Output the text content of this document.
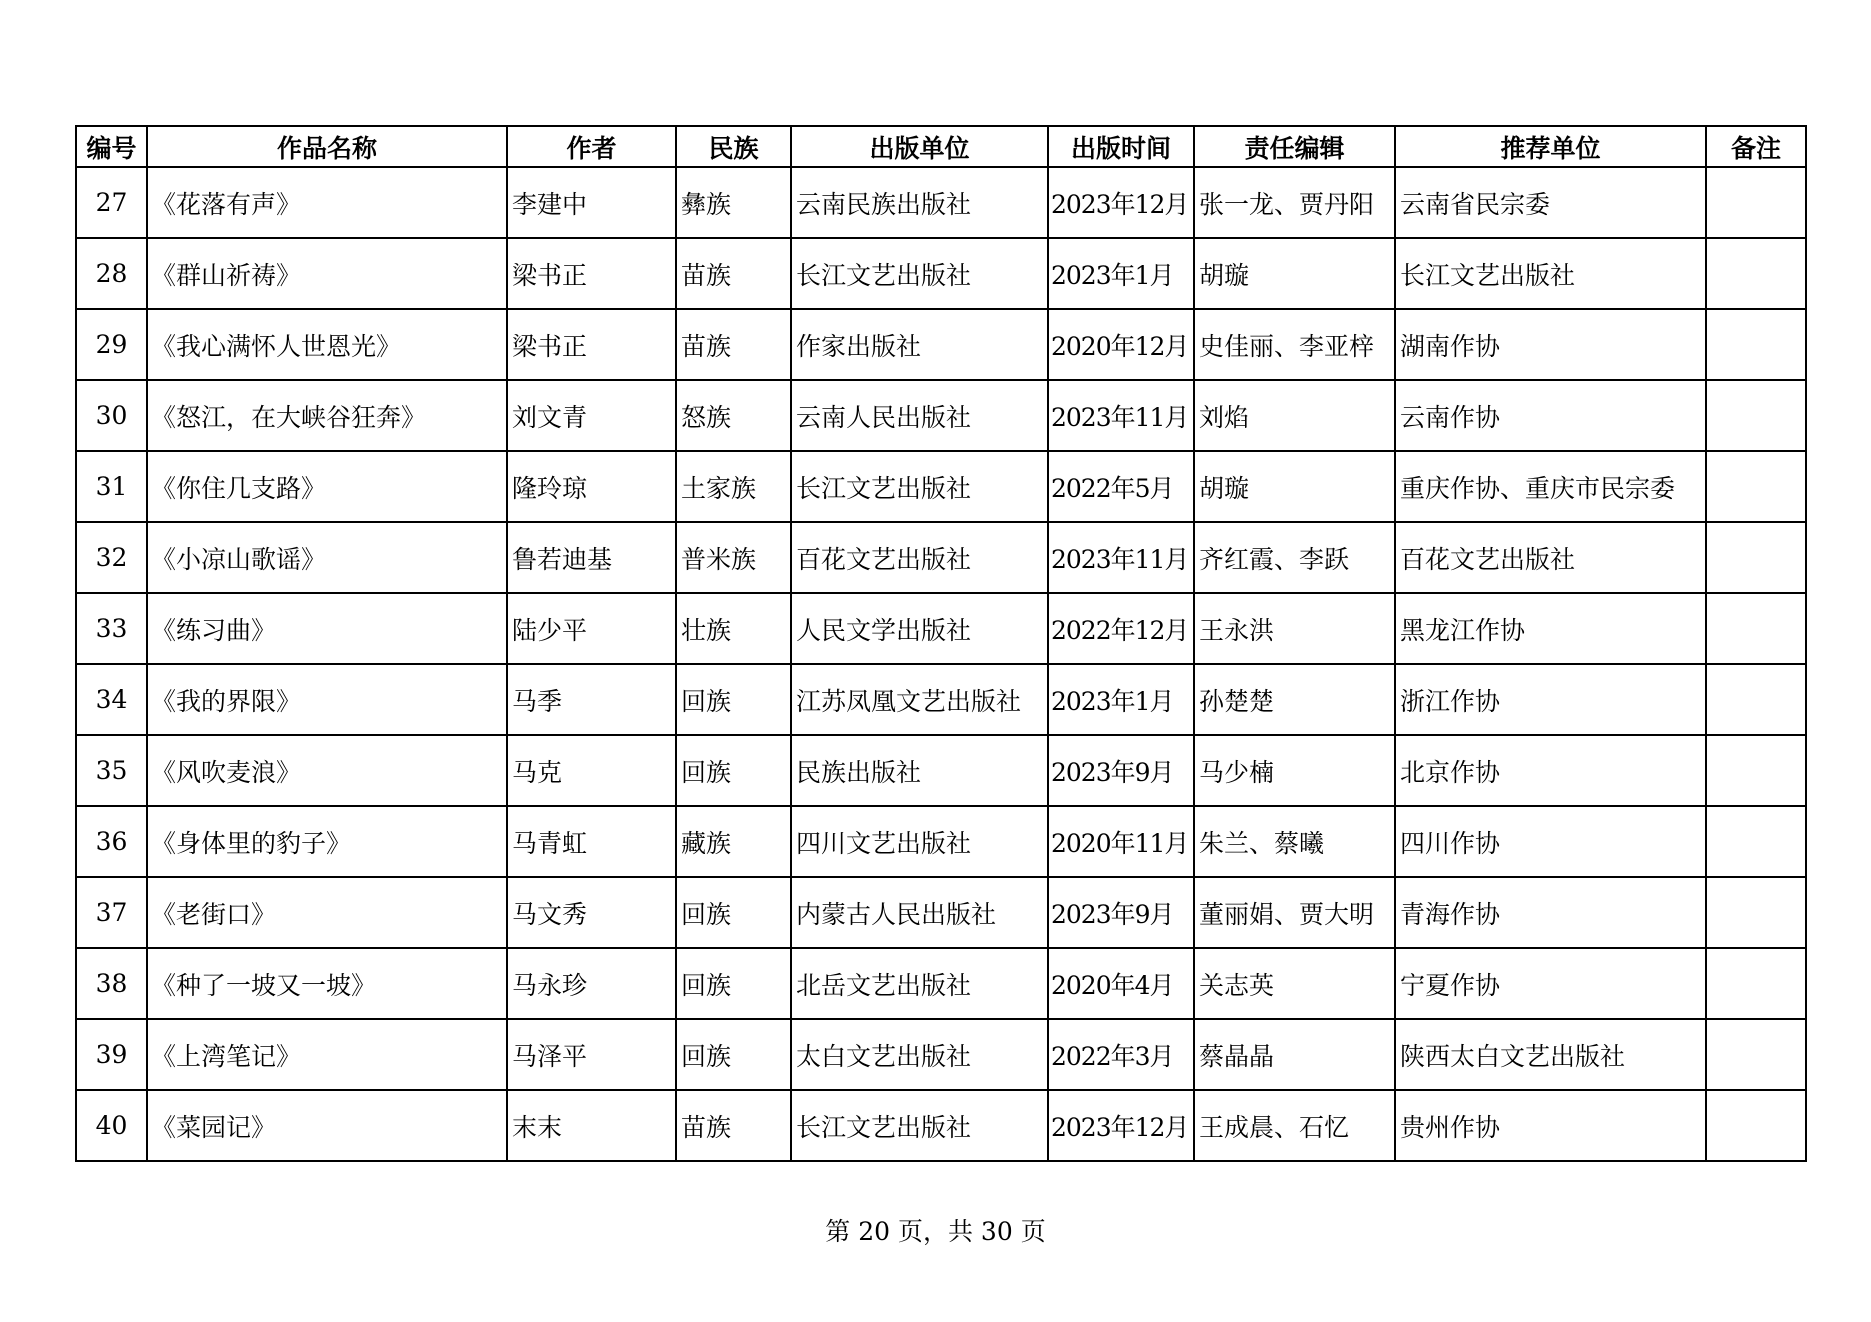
编号	作品名称	作者	民族	出版单位	出版时间	责任编辑	推荐单位	备注
27	《花落有声》	李建中	彝族	云南民族出版社	2023年12月	张一龙、贾丹阳	云南省民宗委	
28	《群山祈祷》	梁书正	苗族	长江文艺出版社	2023年1月	胡璇	长江文艺出版社	
29	《我心满怀人世恩光》	梁书正	苗族	作家出版社	2020年12月	史佳丽、李亚梓	湖南作协	
30	《怒江，在大峡谷狂奔》	刘文青	怒族	云南人民出版社	2023年11月	刘焰	云南作协	
31	《你住几支路》	隆玲琼	土家族	长江文艺出版社	2022年5月	胡璇	重庆作协、重庆市民宗委	
32	《小凉山歌谣》	鲁若迪基	普米族	百花文艺出版社	2023年11月	齐红霞、李跃	百花文艺出版社	
33	《练习曲》	陆少平	壮族	人民文学出版社	2022年12月	王永洪	黑龙江作协	
34	《我的界限》	马季	回族	江苏凤凰文艺出版社	2023年1月	孙楚楚	浙江作协	
35	《风吹麦浪》	马克	回族	民族出版社	2023年9月	马少楠	北京作协	
36	《身体里的豹子》	马青虹	藏族	四川文艺出版社	2020年11月	朱兰、蔡曦	四川作协	
37	《老街口》	马文秀	回族	内蒙古人民出版社	2023年9月	董丽娟、贾大明	青海作协	
38	《种了一坡又一坡》	马永珍	回族	北岳文艺出版社	2020年4月	关志英	宁夏作协	
39	《上湾笔记》	马泽平	回族	太白文艺出版社	2022年3月	蔡晶晶	陕西太白文艺出版社	
40	《菜园记》	末末	苗族	长江文艺出版社	2023年12月	王成晨、石忆	贵州作协	
第 20 页，共 30 页
